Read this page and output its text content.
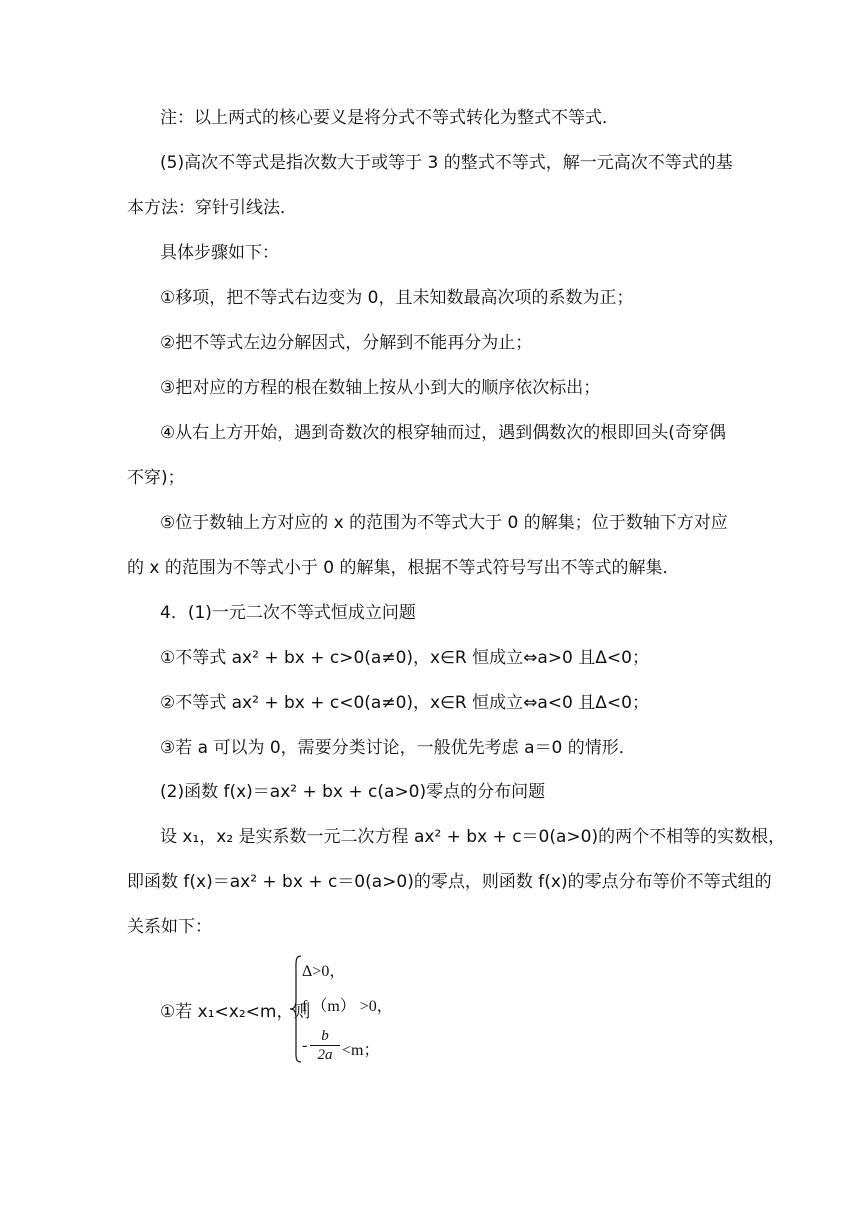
注：以上两式的核心要义是将分式不等式转化为整式不等式．
(5)高次不等式是指次数大于或等于 3 的整式不等式，解一元高次不等式的基
本方法：穿针引线法．
具体步骤如下：
①移项，把不等式右边变为 0，且未知数最高次项的系数为正；
②把不等式左边分解因式，分解到不能再分为止；
③把对应的方程的根在数轴上按从小到大的顺序依次标出；
④从右上方开始，遇到奇数次的根穿轴而过，遇到偶数次的根即回头(奇穿偶
不穿)；
⑤位于数轴上方对应的 x 的范围为不等式大于 0 的解集；位于数轴下方对应
的 x 的范围为不等式小于 0 的解集，根据不等式符号写出不等式的解集．
4．(1)一元二次不等式恒成立问题
①不等式 ax² + bx + c>0(a≠0)，x∈R 恒成立⇔a>0 且Δ<0；
②不等式 ax² + bx + c<0(a≠0)，x∈R 恒成立⇔a<0 且Δ<0；
③若 a 可以为 0，需要分类讨论，一般优先考虑 a＝0 的情形．
(2)函数 f(x)＝ax² + bx + c(a>0)零点的分布问题
设 x₁，x₂ 是实系数一元二次方程 ax² + bx + c＝0(a>0)的两个不相等的实数根，
即函数 f(x)＝ax² + bx + c＝0(a>0)的零点，则函数 f(x)的零点分布等价不等式组的
关系如下：
①若 x₁<x₂<m，则
Δ>0，
f （m） >0，
-
b
2a <m；
